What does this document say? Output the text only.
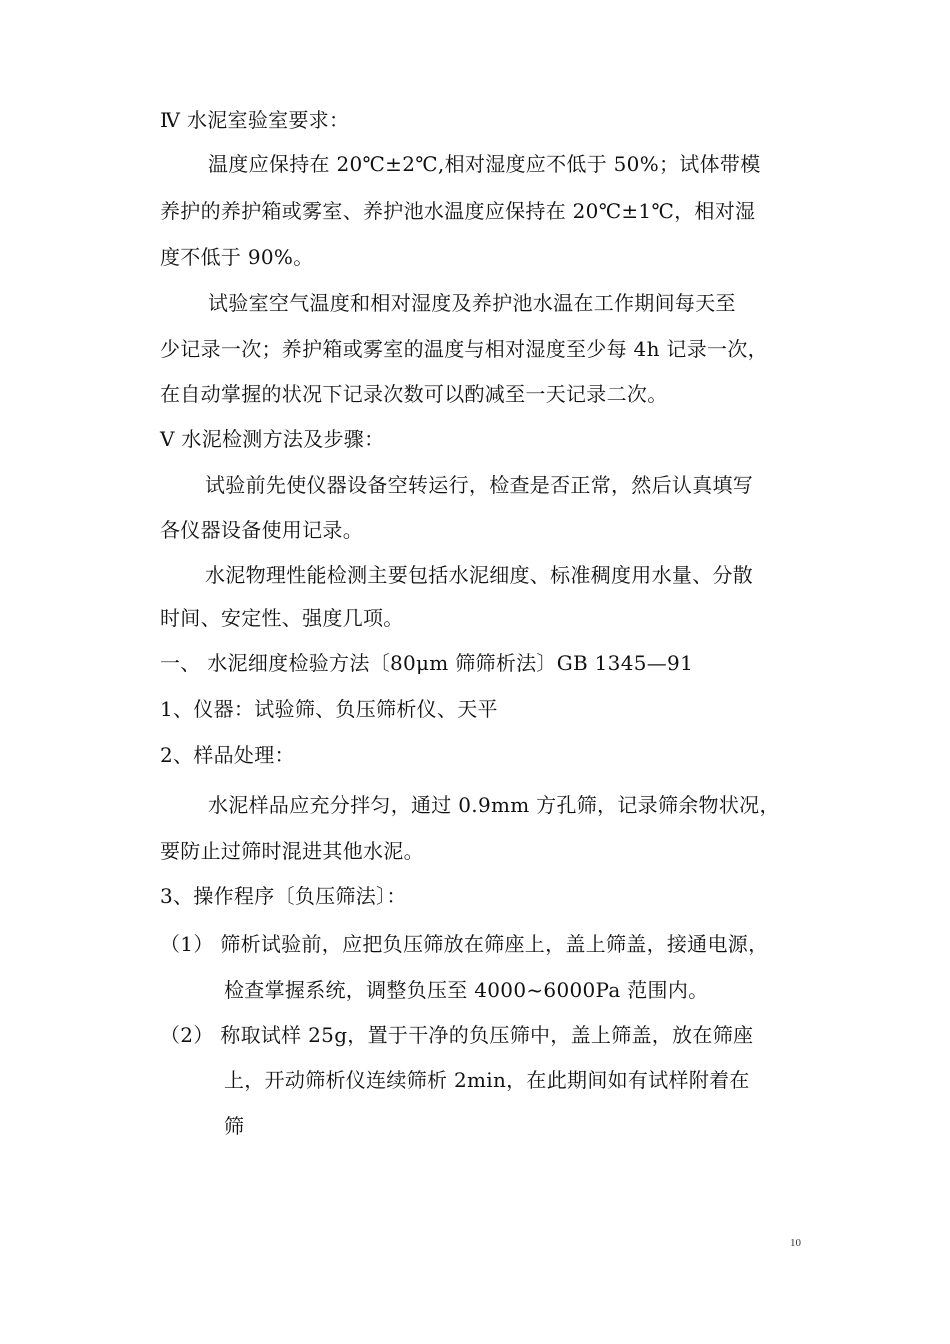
Ⅳ 水泥室验室要求：
温度应保持在 20℃±2℃,相对湿度应不低于 50%；试体带模
养护的养护箱或雾室、养护池水温度应保持在 20℃±1℃，相对湿
度不低于 90%。
试验室空气温度和相对湿度及养护池水温在工作期间每天至
少记录一次；养护箱或雾室的温度与相对湿度至少每 4h 记录一次，
在自动掌握的状况下记录次数可以酌减至一天记录二次。
Ⅴ 水泥检测方法及步骤：
试验前先使仪器设备空转运行，检查是否正常，然后认真填写
各仪器设备使用记录。
水泥物理性能检测主要包括水泥细度、标准稠度用水量、分散
时间、安定性、强度几项。
一、 水泥细度检验方法〔80μm 筛筛析法〕GB 1345—91
1、仪器：试验筛、负压筛析仪、天平
2、样品处理：
水泥样品应充分拌匀，通过 0.9mm 方孔筛，记录筛余物状况，
要防止过筛时混进其他水泥。
3、操作程序〔负压筛法〕：
（1） 筛析试验前，应把负压筛放在筛座上，盖上筛盖，接通电源，
检查掌握系统，调整负压至 4000~6000Pa 范围内。
（2） 称取试样 25g，置于干净的负压筛中，盖上筛盖，放在筛座
上，开动筛析仪连续筛析 2min，在此期间如有试样附着在
筛
10
